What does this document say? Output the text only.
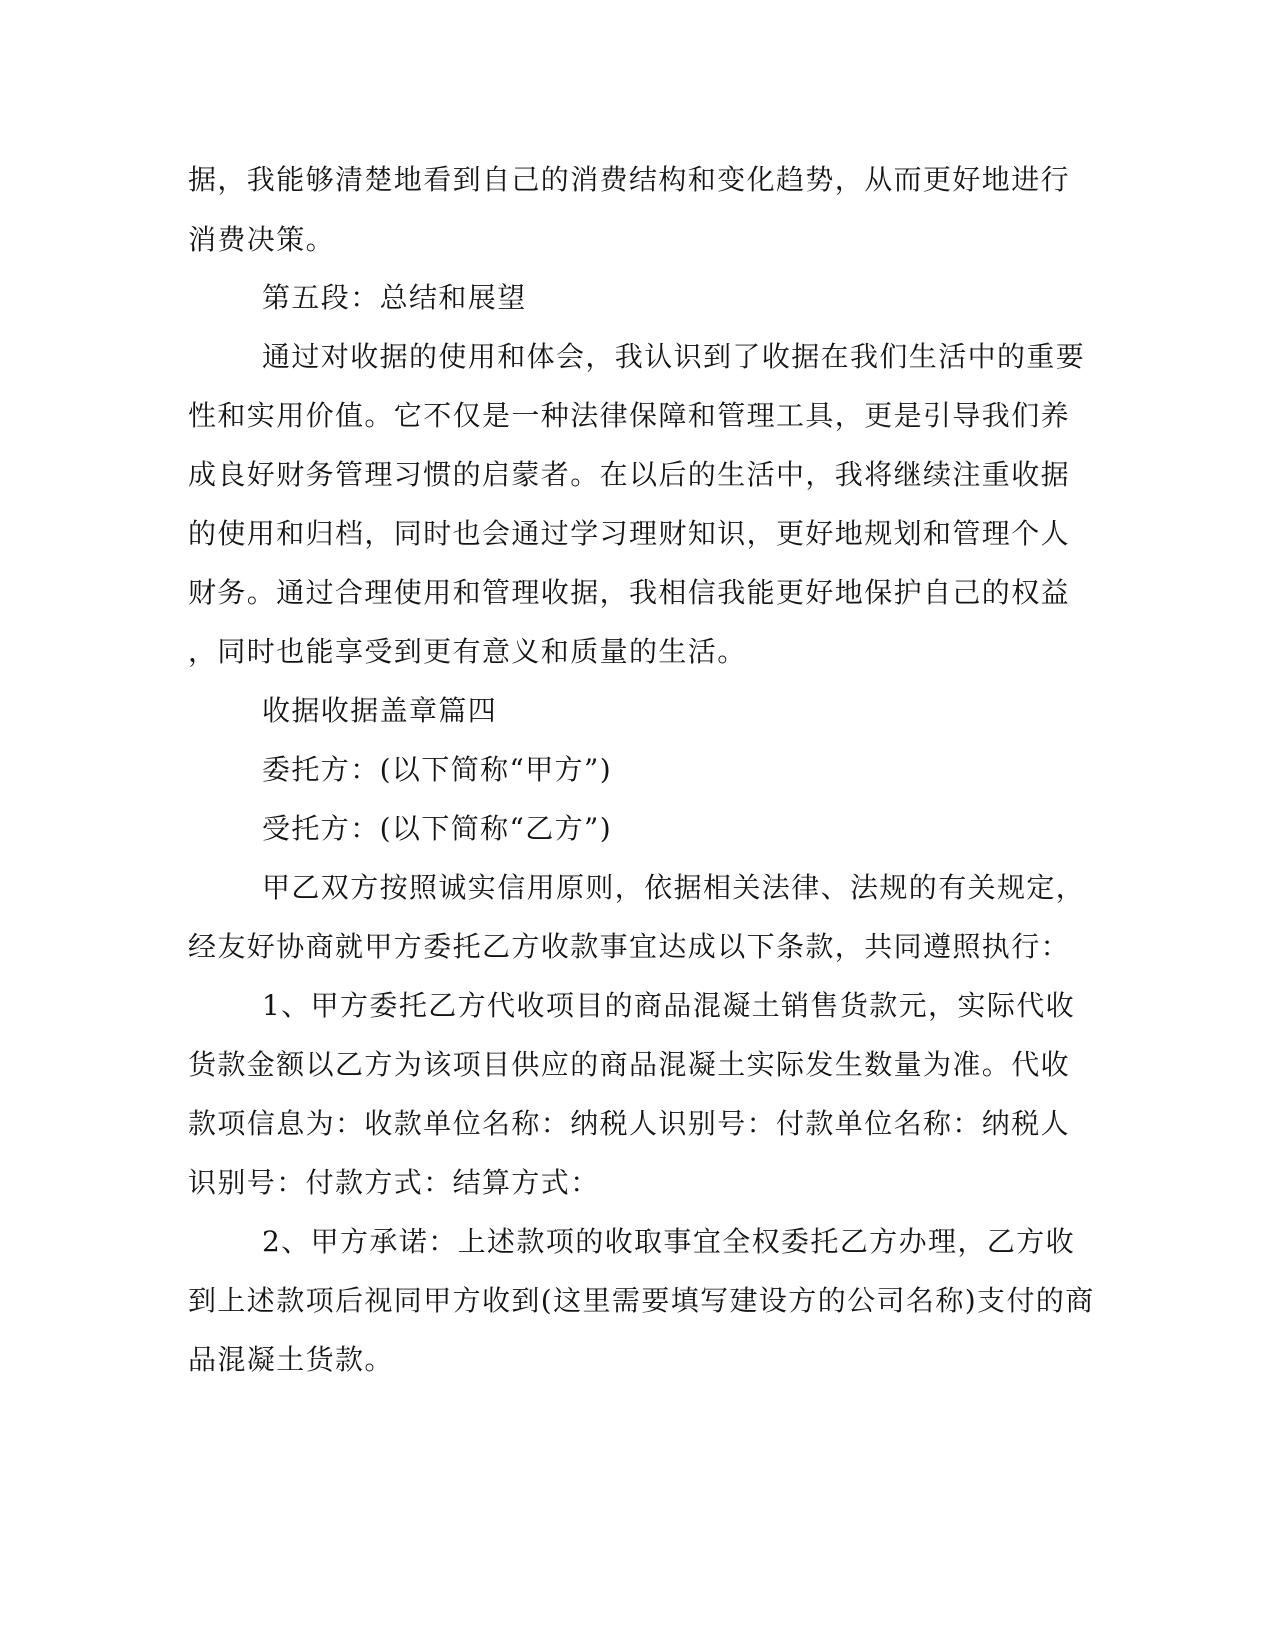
据，我能够清楚地看到自己的消费结构和变化趋势，从而更好地进行
消费决策。
第五段：总结和展望
通过对收据的使用和体会，我认识到了收据在我们生活中的重要
性和实用价值。它不仅是一种法律保障和管理工具，更是引导我们养
成良好财务管理习惯的启蒙者。在以后的生活中，我将继续注重收据
的使用和归档，同时也会通过学习理财知识，更好地规划和管理个人
财务。通过合理使用和管理收据，我相信我能更好地保护自己的权益
，同时也能享受到更有意义和质量的生活。
收据收据盖章篇四
委托方：(以下简称“甲方”)
受托方：(以下简称“乙方”)
甲乙双方按照诚实信用原则，依据相关法律、法规的有关规定，
经友好协商就甲方委托乙方收款事宜达成以下条款，共同遵照执行：
1、甲方委托乙方代收项目的商品混凝土销售货款元，实际代收
货款金额以乙方为该项目供应的商品混凝土实际发生数量为准。代收
款项信息为：收款单位名称：纳税人识别号：付款单位名称：纳税人
识别号：付款方式：结算方式：
2、甲方承诺：上述款项的收取事宜全权委托乙方办理，乙方收
到上述款项后视同甲方收到(这里需要填写建设方的公司名称)支付的商
品混凝土货款。
